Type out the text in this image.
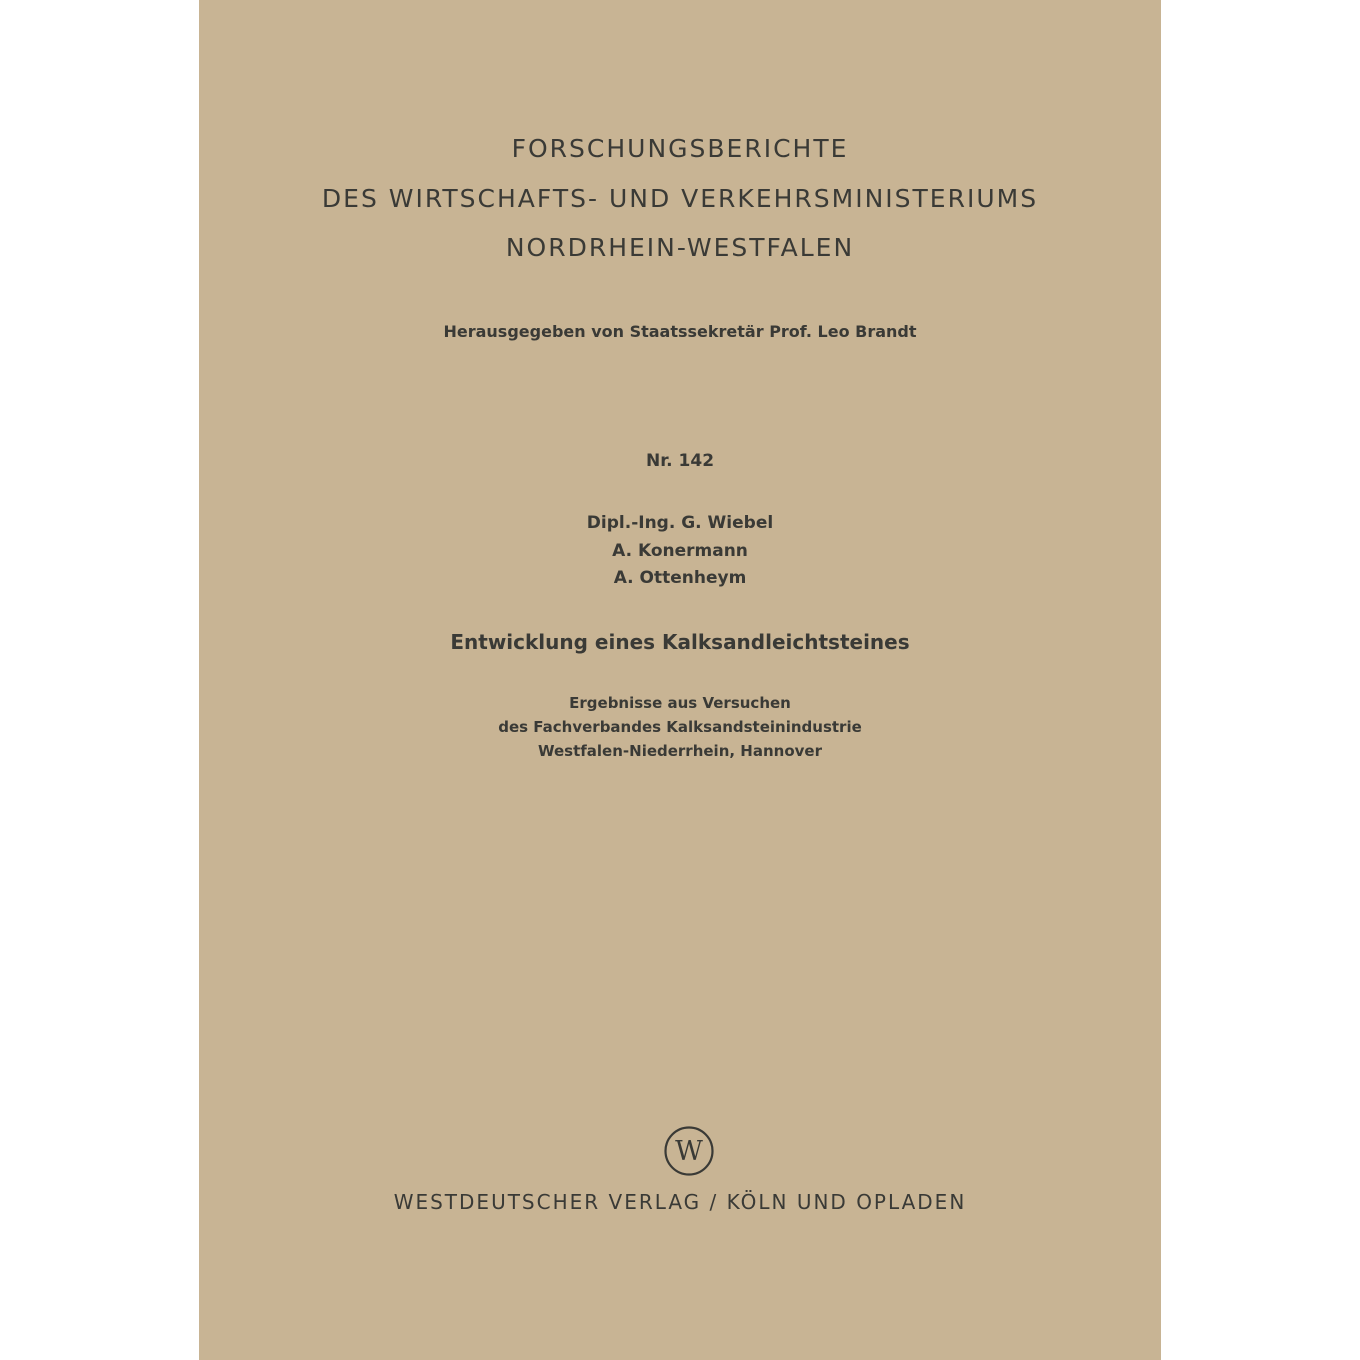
FORSCHUNGSBERICHTE
DES WIRTSCHAFTS- UND VERKEHRSMINISTERIUMS
NORDRHEIN-WESTFALEN
Herausgegeben von Staatssekretär Prof. Leo Brandt
Nr. 142
Dipl.-Ing. G. Wiebel
A. Konermann
A. Ottenheym
Entwicklung eines Kalksandleichtsteines
Ergebnisse aus Versuchen
des Fachverbandes Kalksandsteinindustrie
Westfalen-Niederrhein, Hannover
W
WESTDEUTSCHER VERLAG / KÖLN UND OPLADEN
